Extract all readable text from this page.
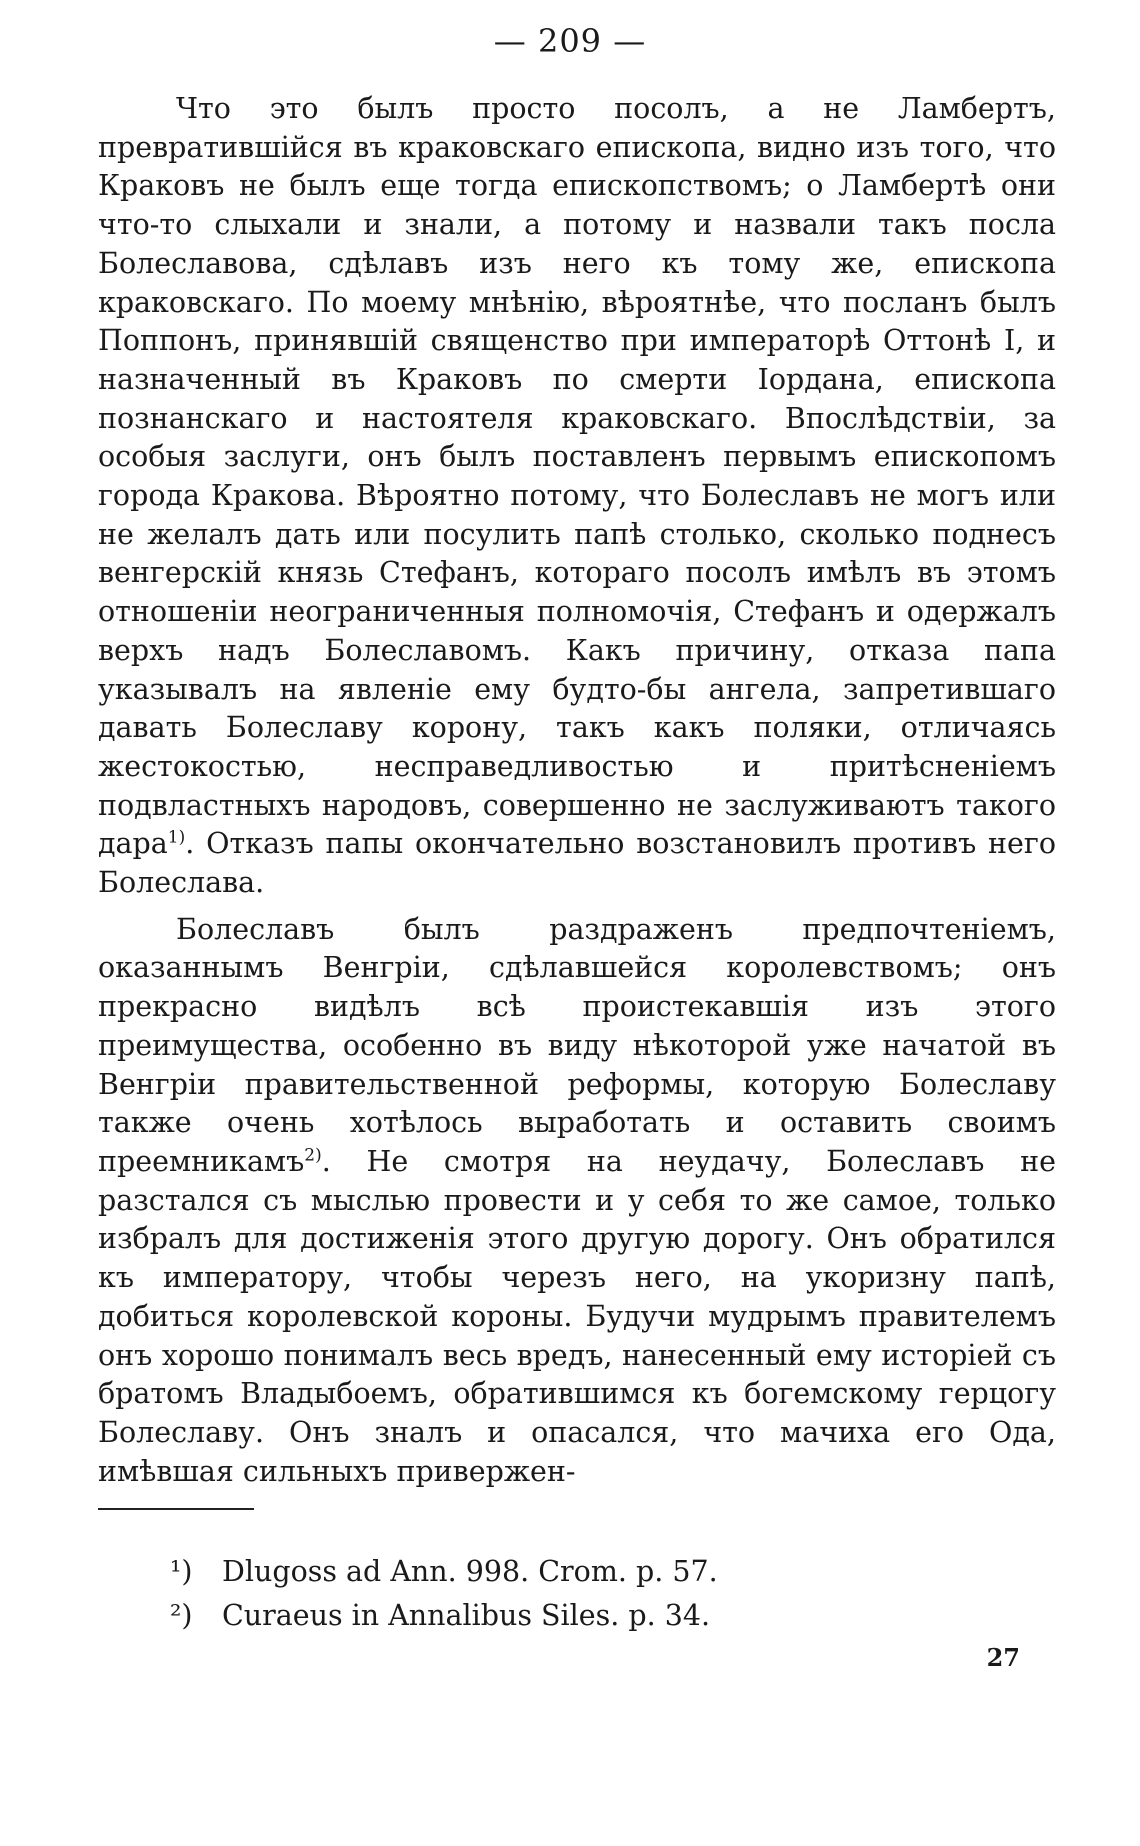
— 209 —

Что это былъ просто посолъ, а не Ламбертъ, превратившійся въ краковскаго епископа, видно изъ того, что Краковъ не былъ еще тогда епископствомъ; о Ламбертѣ они что-то слыхали и знали, а потому и назвали такъ посла Болеславова, сдѣлавъ изъ него къ тому же, епископа краковскаго. По моему мнѣнію, вѣроятнѣе, что посланъ былъ Поппонъ, принявшій священство при императорѣ Оттонѣ I, и назначенный въ Краковъ по смерти Іордана, епископа познанскаго и настоятеля краковскаго. Впослѣдствіи, за особыя заслуги, онъ былъ поставленъ первымъ епископомъ города Кракова. Вѣроятно потому, что Болеславъ не могъ или не желалъ дать или посулить папѣ столько, сколько поднесъ венгерскій князь Стефанъ, котораго посолъ имѣлъ въ этомъ отношеніи неограниченныя полномочія, Стефанъ и одержалъ верхъ надъ Болеславомъ. Какъ причину, отказа папа указывалъ на явленіе ему будто-бы ангела, запретившаго давать Болеславу корону, такъ какъ поляки, отличаясь жестокостью, несправедливостью и притѣсненіемъ подвластныхъ народовъ, совершенно не заслуживаютъ такого дара$^{1)}$. Отказъ папы окончательно возстановилъ противъ него Болеслава.

Болеславъ былъ раздраженъ предпочтеніемъ, оказаннымъ Венгріи, сдѣлавшейся королевствомъ; онъ прекрасно видѣлъ всѣ проистекавшія изъ этого преимущества, особенно въ виду нѣкоторой уже начатой въ Венгріи правительственной реформы, которую Болеславу также очень хотѣлось выработать и оставить своимъ преемникамъ$^{2)}$. Не смотря на неудачу, Болеславъ не разстался съ мыслью провести и у себя то же самое, только избралъ для достиженія этого другую дорогу. Онъ обратился къ императору, чтобы черезъ него, на укоризну папѣ, добиться королевской короны. Будучи мудрымъ правителемъ онъ хорошо понималъ весь вредъ, нанесенный ему исторіей съ братомъ Владыбоемъ, обратившимся къ богемскому герцогу Болеславу. Онъ зналъ и опасался, что мачиха его Ода, имѣвшая сильныхъ привержен-

¹) Dlugoss ad Ann. 998. Crom. p. 57.
²) Curaeus in Annalibus Siles. p. 34.
27
